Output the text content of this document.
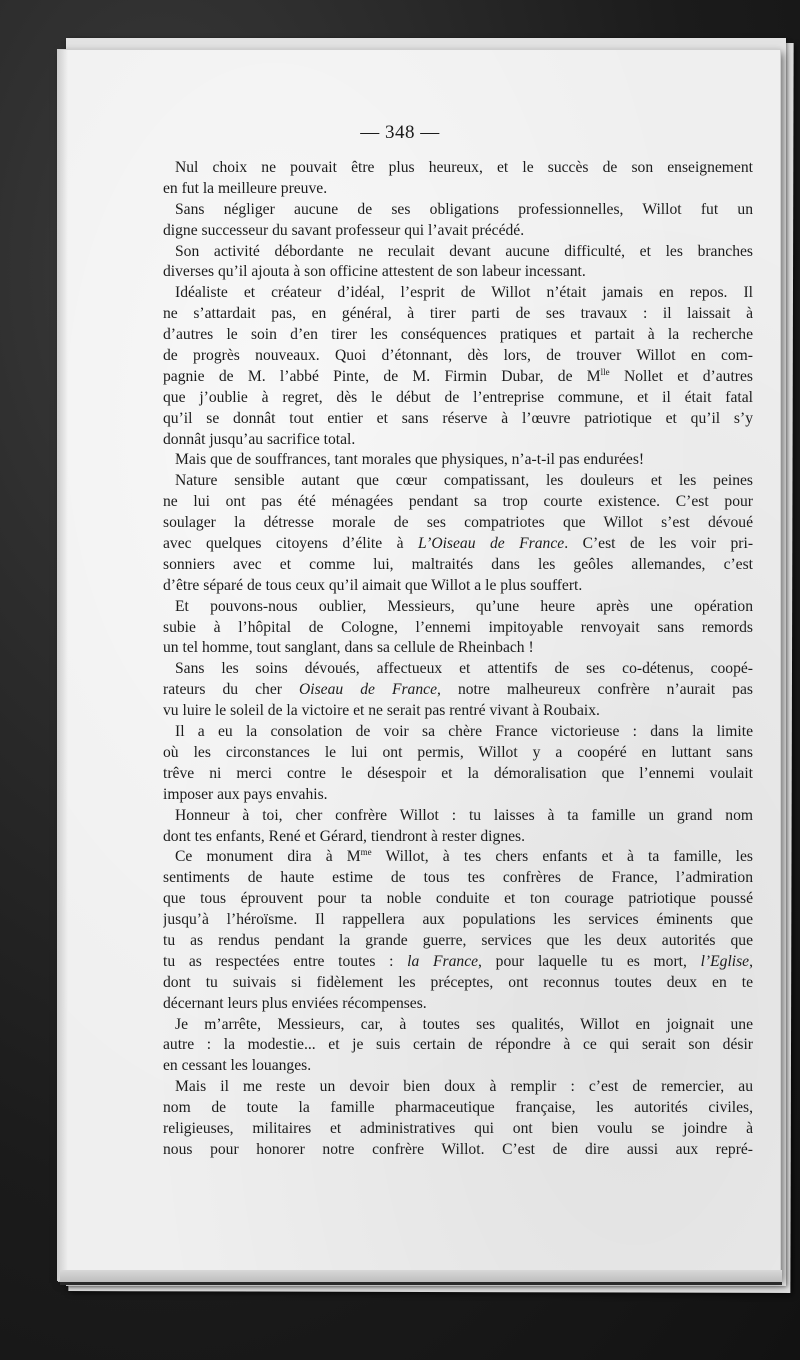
— 348 —
Nul choix ne pouvait être plus heureux, et le succès de son enseignement
en fut la meilleure preuve.
Sans négliger aucune de ses obligations professionnelles, Willot fut un
digne successeur du savant professeur qui l’avait précédé.
Son activité débordante ne reculait devant aucune difficulté, et les branches
diverses qu’il ajouta à son officine attestent de son labeur incessant.
Idéaliste et créateur d’idéal, l’esprit de Willot n’était jamais en repos. Il
ne s’attardait pas, en général, à tirer parti de ses travaux : il laissait à
d’autres le soin d’en tirer les conséquences pratiques et partait à la recherche
de progrès nouveaux. Quoi d’étonnant, dès lors, de trouver Willot en com-
pagnie de M. l’abbé Pinte, de M. Firmin Dubar, de $M^{lle}$ Nollet et d’autres
que j’oublie à regret, dès le début de l’entreprise commune, et il était fatal
qu’il se donnât tout entier et sans réserve à l’œuvre patriotique et qu’il s’y
donnât jusqu’au sacrifice total.
Mais que de souffrances, tant morales que physiques, n’a-t-il pas endurées!
Nature sensible autant que cœur compatissant, les douleurs et les peines
ne lui ont pas été ménagées pendant sa trop courte existence. C’est pour
soulager la détresse morale de ses compatriotes que Willot s’est dévoué
avec quelques citoyens d’élite à L’Oiseau de France. C’est de les voir pri-
sonniers avec et comme lui, maltraités dans les geôles allemandes, c’est
d’être séparé de tous ceux qu’il aimait que Willot a le plus souffert.
Et pouvons-nous oublier, Messieurs, qu’une heure après une opération
subie à l’hôpital de Cologne, l’ennemi impitoyable renvoyait sans remords
un tel homme, tout sanglant, dans sa cellule de Rheinbach !
Sans les soins dévoués, affectueux et attentifs de ses co-détenus, coopé-
rateurs du cher Oiseau de France, notre malheureux confrère n’aurait pas
vu luire le soleil de la victoire et ne serait pas rentré vivant à Roubaix.
Il a eu la consolation de voir sa chère France victorieuse : dans la limite
où les circonstances le lui ont permis, Willot y a coopéré en luttant sans
trêve ni merci contre le désespoir et la démoralisation que l’ennemi voulait
imposer aux pays envahis.
Honneur à toi, cher confrère Willot : tu laisses à ta famille un grand nom
dont tes enfants, René et Gérard, tiendront à rester dignes.
Ce monument dira à $M^{me}$ Willot, à tes chers enfants et à ta famille, les
sentiments de haute estime de tous tes confrères de France, l’admiration
que tous éprouvent pour ta noble conduite et ton courage patriotique poussé
jusqu’à l’héroïsme. Il rappellera aux populations les services éminents que
tu as rendus pendant la grande guerre, services que les deux autorités que
tu as respectées entre toutes : la France, pour laquelle tu es mort, l’Eglise,
dont tu suivais si fidèlement les préceptes, ont reconnus toutes deux en te
décernant leurs plus enviées récompenses.
Je m’arrête, Messieurs, car, à toutes ses qualités, Willot en joignait une
autre : la modestie... et je suis certain de répondre à ce qui serait son désir
en cessant les louanges.
Mais il me reste un devoir bien doux à remplir : c’est de remercier, au
nom de toute la famille pharmaceutique française, les autorités civiles,
religieuses, militaires et administratives qui ont bien voulu se joindre à
nous pour honorer notre confrère Willot. C’est de dire aussi aux repré-
